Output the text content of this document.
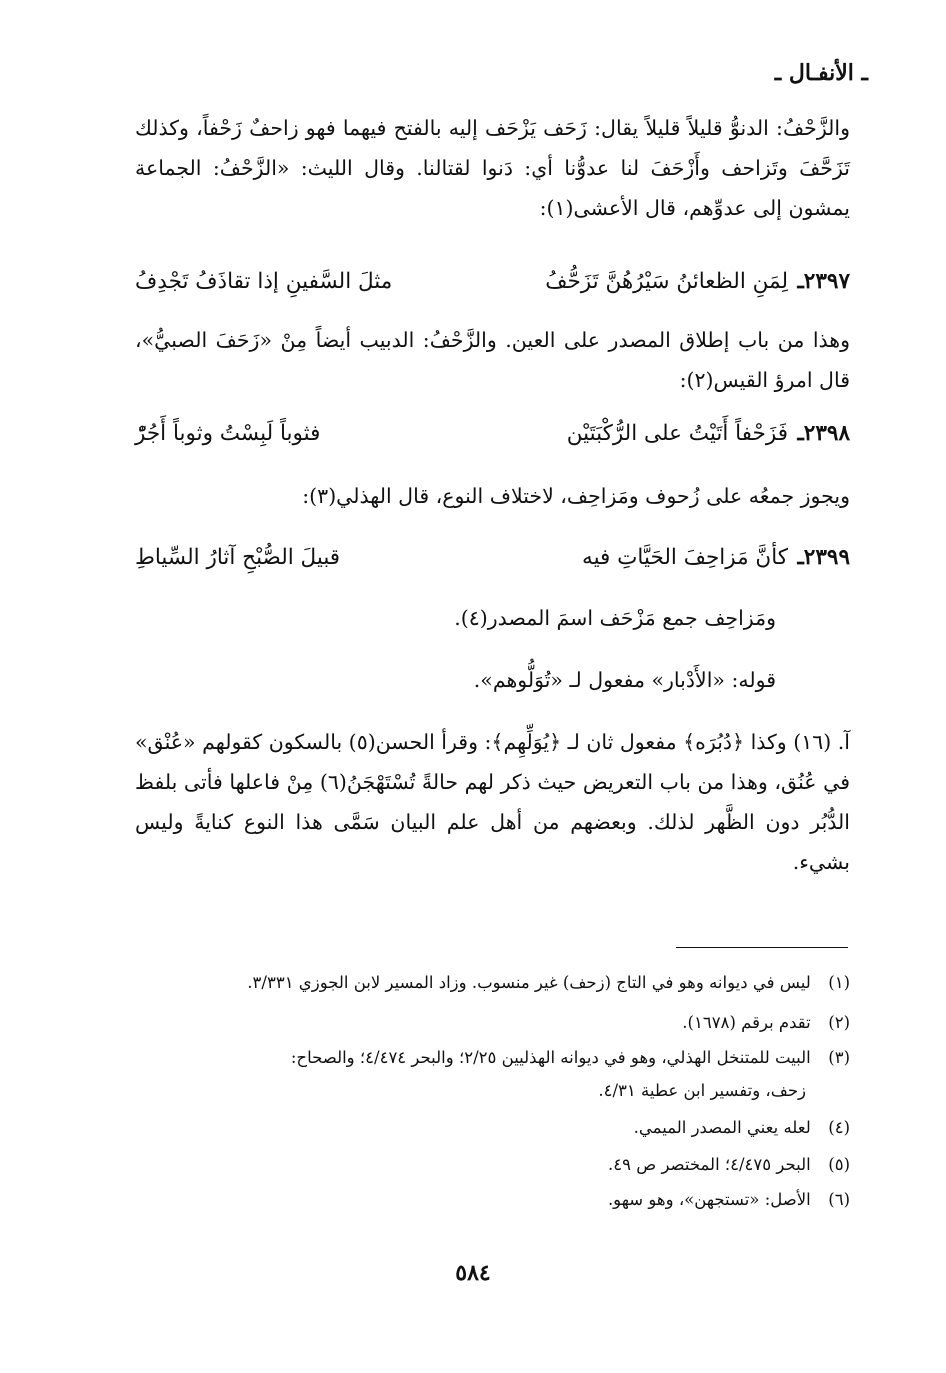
ـ الأنفـال ـ
والزَّحْفُ: الدنوُّ قليلاً قليلاً يقال: زَحَف يَزْحَف إليه بالفتح فيهما فهو زاحفٌ زَحْفاً، وكذلك تَزَحَّفَ وتَزاحف وأَزْحَفَ لنا عدوُّنا أي: دَنوا لقتالنا. وقال الليث: «الزَّحْفُ: الجماعة يمشون إلى عدوِّهم، قال الأعشى(١):
٢٣٩٧ـ
لِمَنِ الظعائنُ سَيْرُهُنَّ تَزَحُّفُ
مثلَ السَّفينِ إذا تقاذَفُ تَجْدِفُ
وهذا من باب إطلاق المصدر على العين. والزَّحْفُ: الدبيب أيضاً مِنْ «زَحَفَ الصبيُّ»، قال امرؤ القيس(٢):
٢٣٩٨ـ
فَزَحْفاً أَتَيْتُ على الرُّكْبَتَيْن
فثوباً لَبِسْتُ وثوباً أَجُرّْ
ويجوز جمعُه على زُحوف ومَزاحِف، لاختلاف النوع، قال الهذلي(٣):
٢٣٩٩ـ
كأنَّ مَزاحِفَ الحَيَّاتِ فيه
قبيلَ الصُّبْحِ آثارُ السِّياطِ
ومَزاحِف جمع مَزْحَف اسمَ المصدر(٤).
قوله: «الأَدْبار» مفعول لـ «تُوَلُّوهم».
آ. (١٦) وكذا ﴿دُبُرَه﴾ مفعول ثان لـ ﴿يُوَلِّهِم﴾: وقرأ الحسن(٥) بالسكون كقولهم «عُنْق» في عُنُق، وهذا من باب التعريض حيث ذكر لهم حالةً تُسْتَهْجَنُ(٦) مِنْ فاعلها فأتى بلفظ الدُّبُر دون الظَّهر لذلك. وبعضهم من أهل علم البيان سَمَّى هذا النوع كنايةً وليس بشيء.
(١) ليس في ديوانه وهو في التاج (زحف) غير منسوب. وزاد المسير لابن الجوزي ٣/٣٣١.
(٢) تقدم برقم (١٦٧٨).
(٣) البيت للمتنخل الهذلي، وهو في ديوانه الهذليين ٢/٢٥؛ والبحر ٤/٤٧٤؛ والصحاح:
زحف، وتفسير ابن عطية ٤/٣١.
(٤) لعله يعني المصدر الميمي.
(٥) البحر ٤/٤٧٥؛ المختصر ص ٤٩.
(٦) الأصل: «تستجهن»، وهو سهو.
٥٨٤
